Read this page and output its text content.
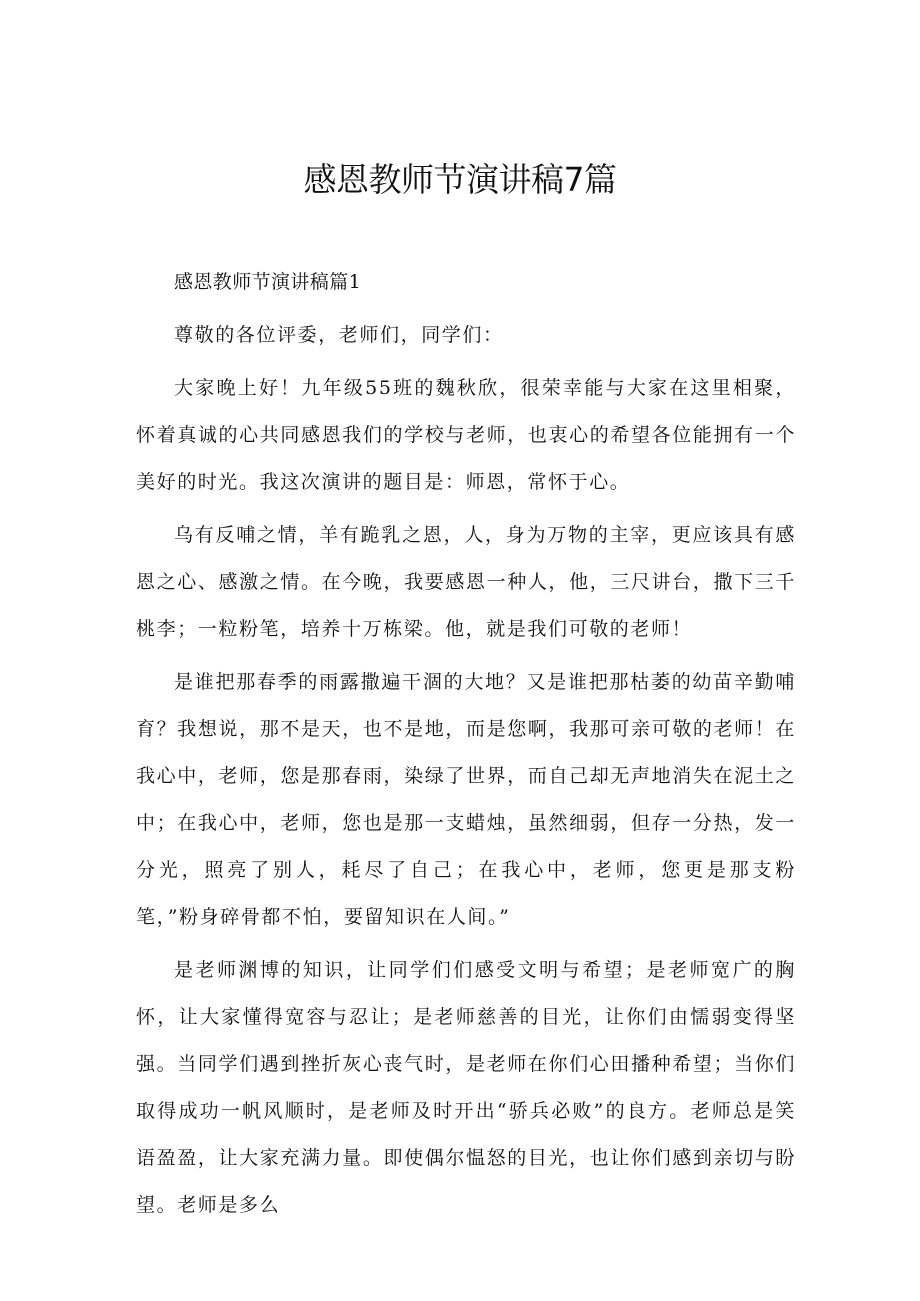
感恩教师节演讲稿7篇

感恩教师节演讲稿篇1

尊敬的各位评委，老师们，同学们：

大家晚上好！九年级55班的魏秋欣，很荣幸能与大家在这里相聚，怀着真诚的心共同感恩我们的学校与老师，也衷心的希望各位能拥有一个美好的时光。我这次演讲的题目是：师恩，常怀于心。

乌有反哺之情，羊有跪乳之恩，人，身为万物的主宰，更应该具有感恩之心、感激之情。在今晚，我要感恩一种人，他，三尺讲台，撒下三千桃李；一粒粉笔，培养十万栋梁。他，就是我们可敬的老师！

是谁把那春季的雨露撒遍干涸的大地？又是谁把那枯萎的幼苗辛勤哺育？我想说，那不是天，也不是地，而是您啊，我那可亲可敬的老师！在我心中，老师，您是那春雨，染绿了世界，而自己却无声地消失在泥土之中；在我心中，老师，您也是那一支蜡烛，虽然细弱，但存一分热，发一分光，照亮了别人，耗尽了自己；在我心中，老师，您更是那支粉笔，”粉身碎骨都不怕，要留知识在人间。”

是老师渊博的知识，让同学们们感受文明与希望；是老师宽广的胸怀，让大家懂得宽容与忍让；是老师慈善的目光，让你们由懦弱变得坚强。当同学们遇到挫折灰心丧气时，是老师在你们心田播种希望；当你们取得成功一帆风顺时，是老师及时开出“骄兵必败”的良方。老师总是笑语盈盈，让大家充满力量。即使偶尔愠怒的目光，也让你们感到亲切与盼望。老师是多么
